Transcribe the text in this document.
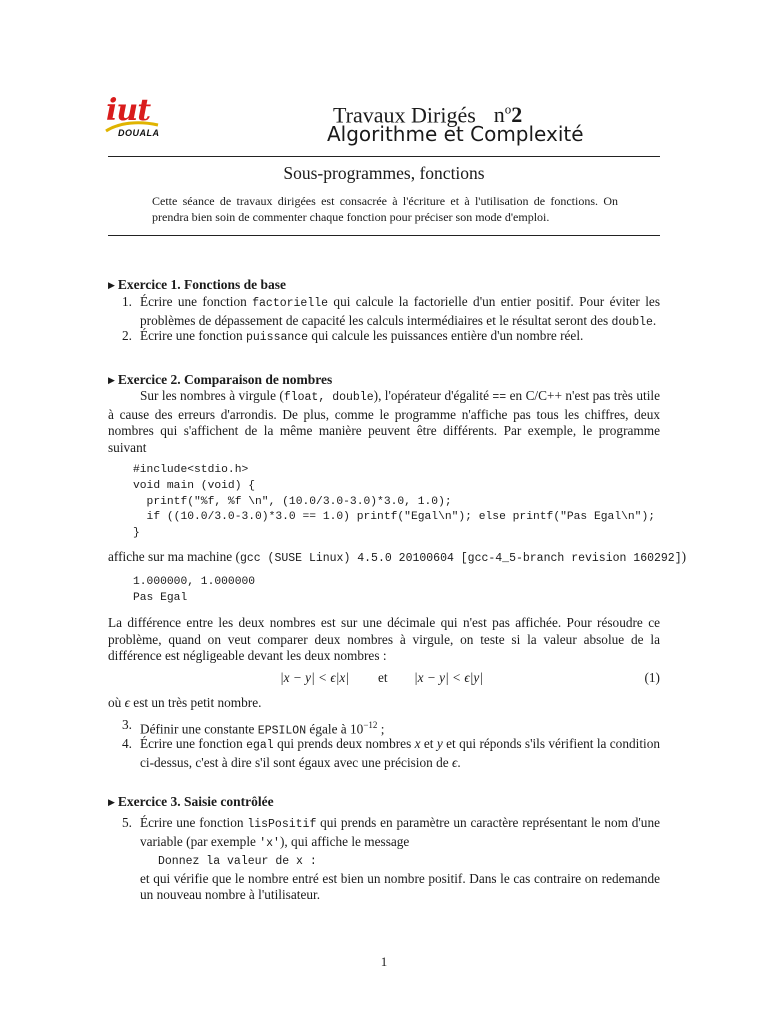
iut
DOUALA
Travaux Dirigés $n^o2$
Algorithme et Complexité
Sous-programmes, fonctions
Cette séance de travaux dirigées est consacrée à l'écriture et à l'utilisation de fonctions. On prendra bien soin de commenter chaque fonction pour préciser son mode d'emploi.
▶ Exercice 1. Fonctions de base
1. Écrire une fonction factorielle qui calcule la factorielle d'un entier positif. Pour éviter les problèmes de dépassement de capacité les calculs intermédiaires et le résultat seront des double.
2. Écrire une fonction puissance qui calcule les puissances entière d'un nombre réel.
▶ Exercice 2. Comparaison de nombres
Sur les nombres à virgule (float, double), l'opérateur d'égalité == en C/C++ n'est pas très utile à cause des erreurs d'arrondis. De plus, comme le programme n'affiche pas tous les chiffres, deux nombres qui s'affichent de la même manière peuvent être différents. Par exemple, le programme suivant
#include<stdio.h>
void main (void) {
printf("%f, %f \n", (10.0/3.0-3.0)*3.0, 1.0);
if ((10.0/3.0-3.0)*3.0 == 1.0) printf("Egal\n"); else printf("Pas Egal\n");
}
affiche sur ma machine (gcc (SUSE Linux) 4.5.0 20100604 [gcc-4_5-branch revision 160292])
1.000000, 1.000000
Pas Egal
La différence entre les deux nombres est sur une décimale qui n'est pas affichée. Pour résoudre ce problème, quand on veut comparer deux nombres à virgule, on teste si la valeur absolue de la différence est négligeable devant les deux nombres :
|x − y| < ϵ|x| et |x − y| < ϵ|y|	(1)
où ϵ est un très petit nombre.
3. Définir une constante EPSILON égale à $10^{-12}$ ;
4. Écrire une fonction egal qui prends deux nombres x et y et qui réponds s'ils vérifient la condition ci-dessus, c'est à dire s'il sont égaux avec une précision de ϵ.
▶ Exercice 3. Saisie contrôlée
5. Écrire une fonction lisPositif qui prends en paramètre un caractère représentant le nom d'une variable (par exemple 'x'), qui affiche le message
Donnez la valeur de x :
et qui vérifie que le nombre entré est bien un nombre positif. Dans le cas contraire on redemande un nouveau nombre à l'utilisateur.
1
